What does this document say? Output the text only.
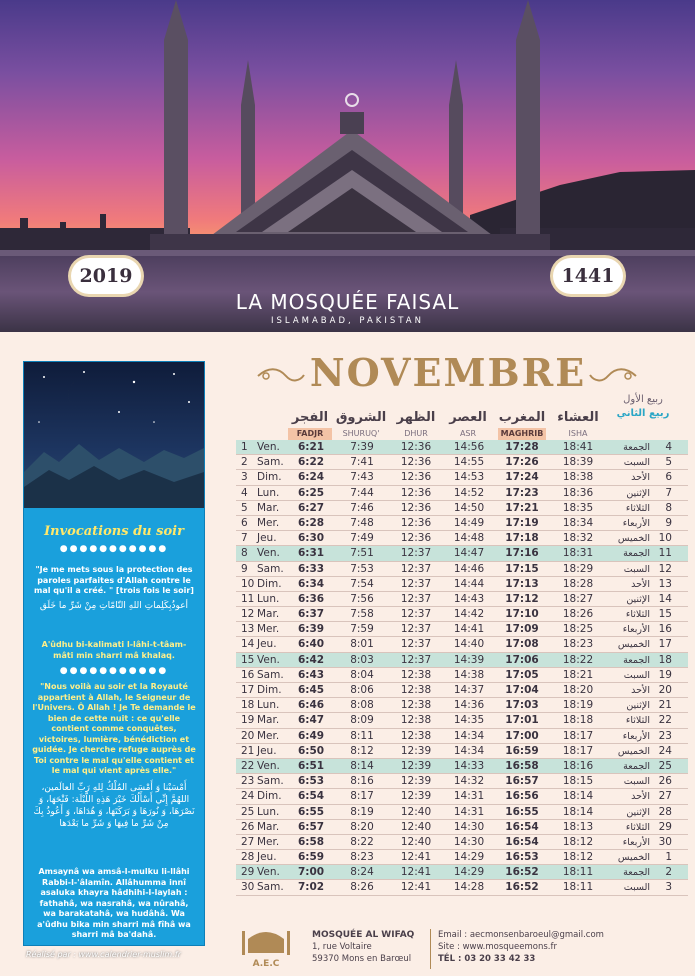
2019	1441
LA MOSQUÉE FAISAL
ISLAMABAD, PAKISTAN
Invocations du soir
●●●●●●●●●●●
"Je me mets sous la protection des paroles parfaites d'Allah contre le mal qu'il a créé. " [trois fois le soir]
أعوذُبِكَلِماتِ اللهِ التّامّاتِ مِنْ شَرِّ ما خَلَق
A'ûdhu bi-kalimati l-lâhi-t-tâam-mâti min sharri mâ khalaq.
●●●●●●●●●●●
"Nous voilà au soir et la Royauté appartient à Allah, le Seigneur de l'Univers. Ô Allah ! Je Te demande le bien de cette nuit : ce qu'elle contient comme conquêtes, victoires, lumière, bénédiction et guidée. Je cherche refuge auprès de Toi contre le mal qu'elle contient et le mal qui vient après elle."
أَمْسَيْنا وَ أَمْسَى المُلْكُ لِلهِ رَبِّ العالَمين، اللهُمَّ إِنِّي أَسْأَلُكَ خَيْرَ هَذِهِ اللَّيْلَة: فَتْحَهَا، وَ نَصْرَهَا، وَ نُورَهَا وَ بَرَكَتَهَا، وَ هُدَاهَا، وَ أَعُوذُ بِكَ مِنْ شَرِّ ما فِيهَا وَ شَرِّ ما بَعْدَها
Amsaynâ wa amsâ-l-mulku li-llâhi Rabbi-l-'âlamîn. Allâhumma innî asaluka khayra hâdhihi-l-laylah : fathahâ, wa nasrahâ, wa nûrahâ, wa barakatahâ, wa hudâhâ. Wa a'ûdhu bika min sharri mâ fîhâ wa sharri mâ ba'dahâ.
Réalisé par : www.calendrier-muslim.fr
NOVEMBRE
ربيع الأول
ربيع الثاني
الفجر الشروق الظهر	العصر المغرب العشاء
FADJR	SHURUQ'	DHUR	ASR	MAGHRIB	ISHA
1 Ven.	6:21	7:39	12:36	14:56	17:28	18:41	الجمعة	4
2 Sam.	6:22	7:41	12:36	14:55	17:26	18:39	السبت	5
3 Dim.	6:24	7:43	12:36	14:53	17:24	18:38	الأحد	6
4 Lun.	6:25	7:44	12:36	14:52	17:23	18:36	الإثنين	7
5 Mar.	6:27	7:46	12:36	14:50	17:21	18:35	الثلاثاء	8
6 Mer.	6:28	7:48	12:36	14:49	17:19	18:34	الأربعاء	9
7 Jeu.	6:30	7:49	12:36	14:48	17:18	18:32	الخميس 10
8 Ven.	6:31	7:51	12:37	14:47	17:16	18:31	الجمعة 11
9 Sam.	6:33	7:53	12:37	14:46	17:15	18:29	السبت 12
10 Dim.	6:34	7:54	12:37	14:44	17:13	18:28	الأحد 13
11 Lun.	6:36	7:56	12:37	14:43	17:12	18:27	الإثنين 14
12 Mar.	6:37	7:58	12:37	14:42	17:10	18:26	الثلاثاء 15
13 Mer.	6:39	7:59	12:37	14:41	17:09	18:25	الأربعاء 16
14 Jeu.	6:40	8:01	12:37	14:40	17:08	18:23	الخميس 17
15 Ven.	6:42	8:03	12:37	14:39	17:06	18:22	الجمعة 18
16 Sam.	6:43	8:04	12:38	14:38	17:05	18:21	السبت 19
17 Dim.	6:45	8:06	12:38	14:37	17:04	18:20	الأحد 20
18 Lun.	6:46	8:08	12:38	14:36	17:03	18:19	الإثنين 21
19 Mar.	6:47	8:09	12:38	14:35	17:01	18:18	الثلاثاء 22
20 Mer.	6:49	8:11	12:38	14:34	17:00	18:17	الأربعاء 23
21 Jeu.	6:50	8:12	12:39	14:34	16:59	18:17	الخميس 24
22 Ven.	6:51	8:14	12:39	14:33	16:58	18:16	الجمعة 25
23 Sam.	6:53	8:16	12:39	14:32	16:57	18:15	السبت 26
24 Dim.	6:54	8:17	12:39	14:31	16:56	18:14	الأحد 27
25 Lun.	6:55	8:19	12:40	14:31	16:55	18:14	الإثنين 28
26 Mar.	6:57	8:20	12:40	14:30	16:54	18:13	الثلاثاء 29
27 Mer.	6:58	8:22	12:40	14:30	16:54	18:12	الأربعاء 30
28 Jeu.	6:59	8:23	12:41	14:29	16:53	18:12	الخميس	1
29 Ven.	7:00	8:24	12:41	14:29	16:52	18:11	الجمعة	2
30 Sam.	7:02	8:26	12:41	14:28	16:52	18:11	السبت	3
A.E.C
MOSQUÉE AL WIFAQ
1, rue Voltaire
59370 Mons en Barœul
Email : aecmonsenbaroeul@gmail.com
Site : www.mosqueemons.fr
TÉL : 03 20 33 42 33
